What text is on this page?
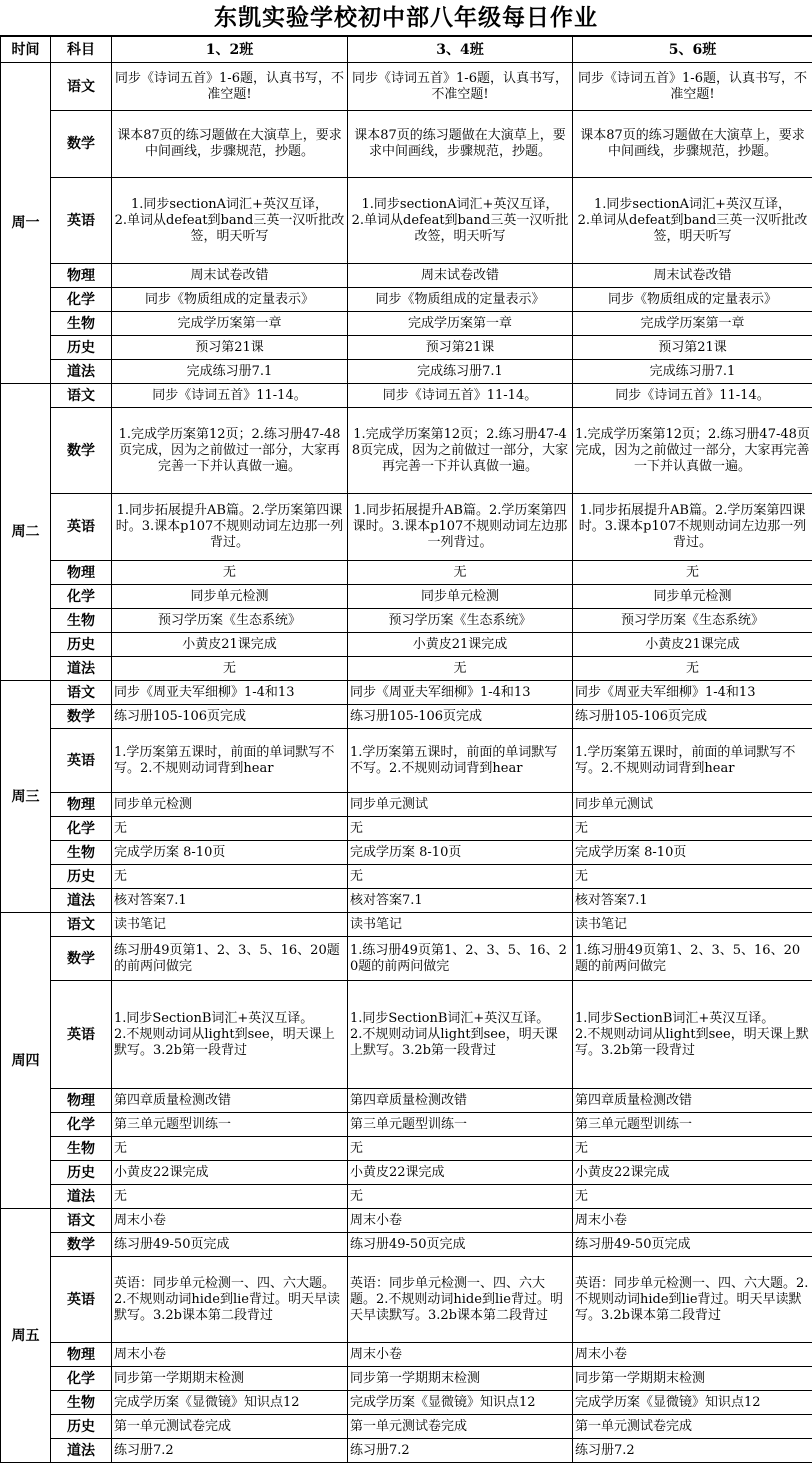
东凯实验学校初中部八年级每日作业
时间	科目	1、2班	3、4班	5、6班
周一	语文	同步《诗词五首》1-6题，认真书写，不准空题!	同步《诗词五首》1-6题，认真书写，不准空题!	同步《诗词五首》1-6题，认真书写，不准空题!
	数学	课本87页的练习题做在大演草上，要求中间画线，步骤规范，抄题。	课本87页的练习题做在大演草上，要求中间画线，步骤规范，抄题。	课本87页的练习题做在大演草上，要求中间画线，步骤规范，抄题。
	英语	1.同步sectionA词汇+英汉互译，
2.单词从defeat到band三英一汉听批改签，明天听写	1.同步sectionA词汇+英汉互译，
2.单词从defeat到band三英一汉听批改签，明天听写	1.同步sectionA词汇+英汉互译，
2.单词从defeat到band三英一汉听批改签，明天听写
	物理	周末试卷改错	周末试卷改错	周末试卷改错
	化学	同步《物质组成的定量表示》	同步《物质组成的定量表示》	同步《物质组成的定量表示》
	生物	完成学历案第一章	完成学历案第一章	完成学历案第一章
	历史	预习第21课	预习第21课	预习第21课
	道法	完成练习册7.1	完成练习册7.1	完成练习册7.1
周二	语文	同步《诗词五首》11-14。	同步《诗词五首》11-14。	同步《诗词五首》11-14。
	数学	1.完成学历案第12页；2.练习册47-48页完成，因为之前做过一部分，大家再完善一下并认真做一遍。	1.完成学历案第12页；2.练习册47-48页完成，因为之前做过一部分，大家再完善一下并认真做一遍。	1.完成学历案第12页；2.练习册47-48页完成，因为之前做过一部分，大家再完善一下并认真做一遍。
	英语	1.同步拓展提升AB篇。2.学历案第四课时。3.课本p107不规则动词左边那一列背过。	1.同步拓展提升AB篇。2.学历案第四课时。3.课本p107不规则动词左边那一列背过。	1.同步拓展提升AB篇。2.学历案第四课时。3.课本p107不规则动词左边那一列背过。
	物理	无	无	无
	化学	同步单元检测	同步单元检测	同步单元检测
	生物	预习学历案《生态系统》	预习学历案《生态系统》	预习学历案《生态系统》
	历史	小黄皮21课完成	小黄皮21课完成	小黄皮21课完成
	道法	无	无	无
周三	语文	同步《周亚夫军细柳》1-4和13	同步《周亚夫军细柳》1-4和13	同步《周亚夫军细柳》1-4和13
	数学	练习册105-106页完成	练习册105-106页完成	练习册105-106页完成
	英语	1.学历案第五课时，前面的单词默写不写。2.不规则动词背到hear	1.学历案第五课时，前面的单词默写不写。2.不规则动词背到hear	1.学历案第五课时，前面的单词默写不写。2.不规则动词背到hear
	物理	同步单元检测	同步单元测试	同步单元测试
	化学	无	无	无
	生物	完成学历案 8-10页	完成学历案 8-10页	完成学历案 8-10页
	历史	无	无	无
	道法	核对答案7.1	核对答案7.1	核对答案7.1
周四	语文	读书笔记	读书笔记	读书笔记
	数学	练习册49页第1、2、3、5、16、20题的前两问做完	1.练习册49页第1、2、3、5、16、20题的前两问做完	1.练习册49页第1、2、3、5、16、20题的前两问做完
	英语	1.同步SectionB词汇+英汉互译。
2.不规则动词从light到see，明天课上默写。3.2b第一段背过	1.同步SectionB词汇+英汉互译。
2.不规则动词从light到see，明天课上默写。3.2b第一段背过	1.同步SectionB词汇+英汉互译。
2.不规则动词从light到see，明天课上默写。3.2b第一段背过
	物理	第四章质量检测改错	第四章质量检测改错	第四章质量检测改错
	化学	第三单元题型训练一	第三单元题型训练一	第三单元题型训练一
	生物	无	无	无
	历史	小黄皮22课完成	小黄皮22课完成	小黄皮22课完成
	道法	无	无	无
周五	语文	周末小卷	周末小卷	周末小卷
	数学	练习册49-50页完成	练习册49-50页完成	练习册49-50页完成
	英语	英语：同步单元检测一、四、六大题。2.不规则动词hide到lie背过。明天早读默写。3.2b课本第二段背过	英语：同步单元检测一、四、六大题。2.不规则动词hide到lie背过。明天早读默写。3.2b课本第二段背过	英语：同步单元检测一、四、六大题。2.不规则动词hide到lie背过。明天早读默写。3.2b课本第二段背过
	物理	周末小卷	周末小卷	周末小卷
	化学	同步第一学期期末检测	同步第一学期期末检测	同步第一学期期末检测
	生物	完成学历案《显微镜》知识点12	完成学历案《显微镜》知识点12	完成学历案《显微镜》知识点12
	历史	第一单元测试卷完成	第一单元测试卷完成	第一单元测试卷完成
	道法	练习册7.2	练习册7.2	练习册7.2
